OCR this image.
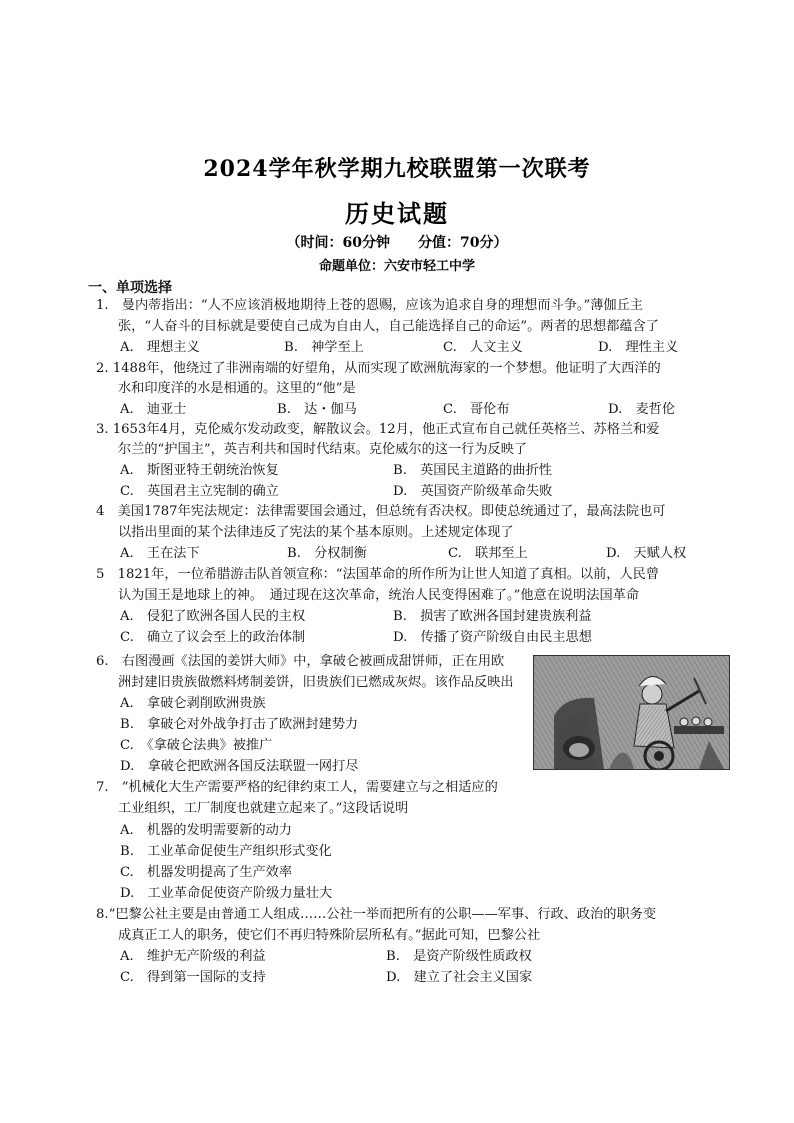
2024学年秋学期九校联盟第一次联考
历史试题
（时间：60分钟　　分值：70分）
命题单位：六安市轻工中学
一、单项选择
1.　曼内蒂指出：“人不应该消极地期待上苍的恩赐，应该为追求自身的理想而斗争。”薄伽丘主
张，“人奋斗的目标就是要使自己成为自由人，自己能选择自己的命运”。两者的思想都蕴含了
A.　理想主义	B.　神学至上	C.　人文主义	D.　理性主义
2. 1488年，他绕过了非洲南端的好望角，从而实现了欧洲航海家的一个梦想。他证明了大西洋的
水和印度洋的水是相通的。这里的“他”是
A.　迪亚士	B.　达・伽马	C.　哥伦布	D.　麦哲伦
3. 1653年4月，克伦威尔发动政变，解散议会。12月，他正式宣布自己就任英格兰、苏格兰和爱
尔兰的“护国主”，英吉利共和国时代结束。克伦威尔的这一行为反映了
A.　斯图亚特王朝统治恢复	B.　英国民主道路的曲折性
C.　英国君主立宪制的确立	D.　英国资产阶级革命失败
4　美国1787年宪法规定：法律需要国会通过，但总统有否决权。即使总统通过了，最高法院也可
以指出里面的某个法律违反了宪法的某个基本原则。上述规定体现了
A.　王在法下	B.　分权制衡	C.　联邦至上	D.　天赋人权
5　1821年，一位希腊游击队首领宣称：“法国革命的所作所为让世人知道了真相。以前，人民曾
认为国王是地球上的神。　通过现在这次革命，统治人民变得困难了。”他意在说明法国革命
A.　侵犯了欧洲各国人民的主权	B.　损害了欧洲各国封建贵族利益
C.　确立了议会至上的政治体制	D.　传播了资产阶级自由民主思想
6.　右图漫画《法国的姜饼大师》中，拿破仑被画成甜饼师，正在用欧
洲封建旧贵族做燃料烤制姜饼，旧贵族们已燃成灰烬。该作品反映出
A.　拿破仑剥削欧洲贵族
B.　拿破仑对外战争打击了欧洲封建势力
C.　《拿破仑法典》被推广
D.　拿破仑把欧洲各国反法联盟一网打尽
7.　“机械化大生产需要严格的纪律约束工人，需要建立与之相适应的
工业组织，工厂制度也就建立起来了。”这段话说明
A.　机器的发明需要新的动力
B.　工业革命促使生产组织形式变化
C.　机器发明提高了生产效率
D.　工业革命促使资产阶级力量壮大
8.“巴黎公社主要是由普通工人组成……公社一举而把所有的公职——军事、行政、政治的职务变
成真正工人的职务，使它们不再归特殊阶层所私有。”据此可知，巴黎公社
A.　维护无产阶级的利益	B.　是资产阶级性质政权
C.　得到第一国际的支持	D.　建立了社会主义国家
